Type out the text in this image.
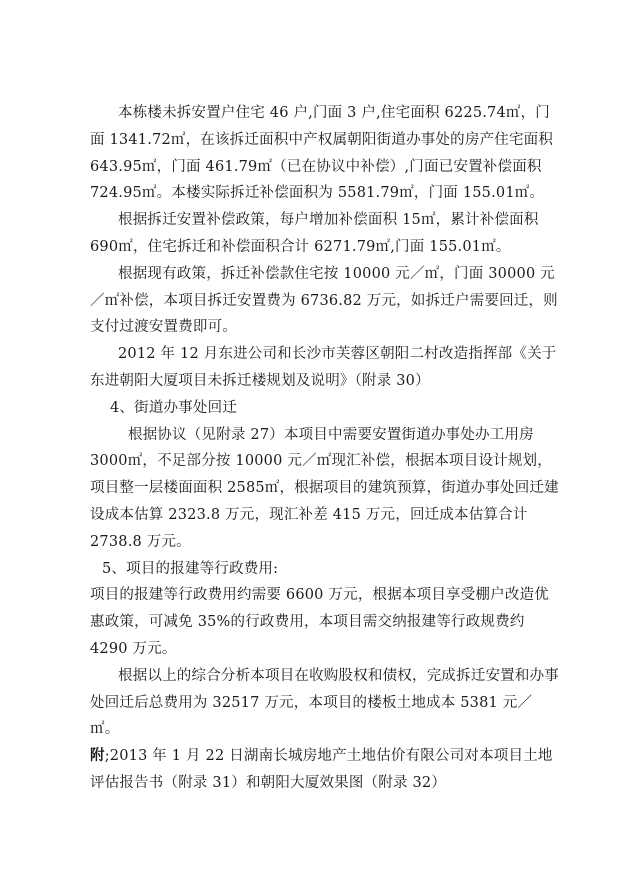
本栋楼未拆安置户住宅 46 户,门面 3 户,住宅面积 6225.74㎡，门面 1341.72㎡，在该拆迁面积中产权属朝阳街道办事处的房产住宅面积 643.95㎡，门面 461.79㎡（已在协议中补偿）,门面已安置补偿面积 724.95㎡。本楼实际拆迁补偿面积为 5581.79㎡，门面 155.01㎡。

根据拆迁安置补偿政策，每户增加补偿面积 15㎡，累计补偿面积 690㎡，住宅拆迁和补偿面积合计 6271.79㎡,门面 155.01㎡。

根据现有政策，拆迁补偿款住宅按 10000 元／㎡，门面 30000 元／㎡补偿，本项目拆迁安置费为 6736.82 万元，如拆迁户需要回迁，则支付过渡安置费即可。

2012 年 12 月东进公司和长沙市芙蓉区朝阳二村改造指挥部《关于东进朝阳大厦项目未拆迁楼规划及说明》（附录 30）

4、街道办事处回迁

根据协议（见附录 27）本项目中需要安置街道办事处办工用房 3000㎡，不足部分按 10000 元／㎡现汇补偿，根据本项目设计规划，项目整一层楼面面积 2585㎡，根据项目的建筑预算，街道办事处回迁建设成本估算 2323.8 万元，现汇补差 415 万元，回迁成本估算合计 2738.8 万元。

5、项目的报建等行政费用:

项目的报建等行政费用约需要 6600 万元，根据本项目享受棚户改造优惠政策，可减免 35%的行政费用，本项目需交纳报建等行政规费约 4290 万元。

根据以上的综合分析本项目在收购股权和债权，完成拆迁安置和办事处回迁后总费用为 32517 万元，本项目的楼板土地成本 5381 元／㎡。

附;2013 年 1 月 22 日湖南长城房地产土地估价有限公司对本项目土地评估报告书（附录 31）和朝阳大厦效果图（附录 32）
